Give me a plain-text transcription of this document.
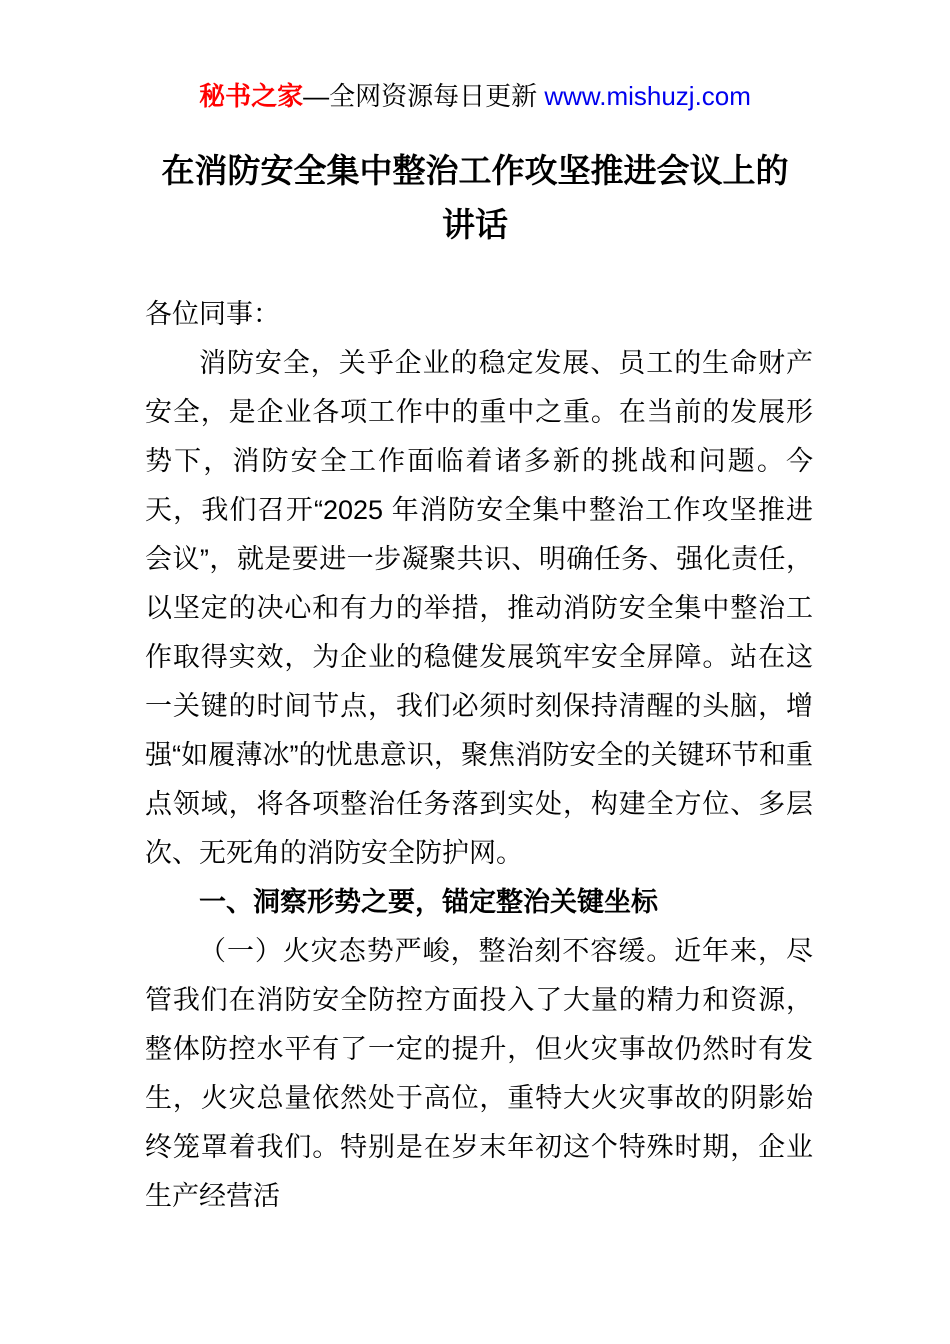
秘书之家—全网资源每日更新 www.mishuzj.com
在消防安全集中整治工作攻坚推进会议上的讲话

各位同事：

消防安全，关乎企业的稳定发展、员工的生命财产安全，是企业各项工作中的重中之重。在当前的发展形势下，消防安全工作面临着诸多新的挑战和问题。今天，我们召开“2025 年消防安全集中整治工作攻坚推进会议”，就是要进一步凝聚共识、明确任务、强化责任，以坚定的决心和有力的举措，推动消防安全集中整治工作取得实效，为企业的稳健发展筑牢安全屏障。站在这一关键的时间节点，我们必须时刻保持清醒的头脑，增强“如履薄冰”的忧患意识，聚焦消防安全的关键环节和重点领域，将各项整治任务落到实处，构建全方位、多层次、无死角的消防安全防护网。

一、洞察形势之要，锚定整治关键坐标

（一）火灾态势严峻，整治刻不容缓。近年来，尽管我们在消防安全防控方面投入了大量的精力和资源，整体防控水平有了一定的提升，但火灾事故仍然时有发生，火灾总量依然处于高位，重特大火灾事故的阴影始终笼罩着我们。特别是在岁末年初这个特殊时期，企业生产经营活
